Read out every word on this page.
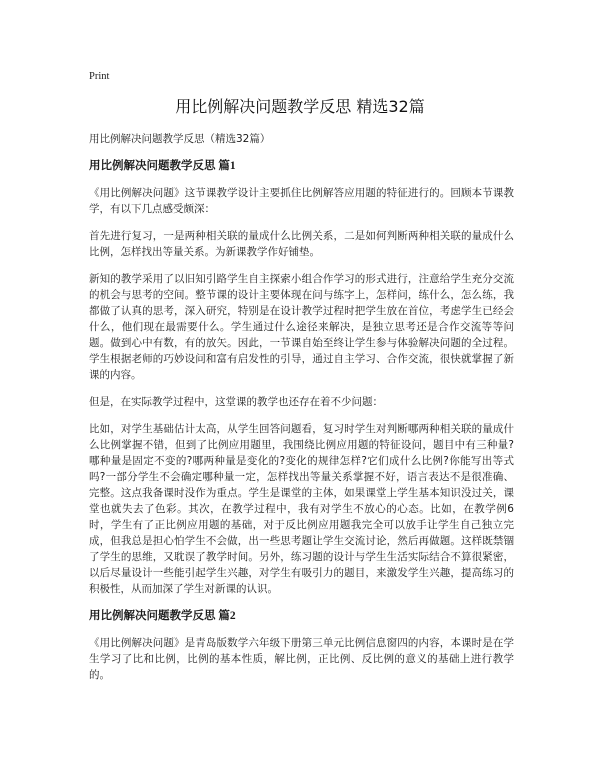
Print
用比例解决问题教学反思 精选32篇

用比例解决问题教学反思（精选32篇）

用比例解决问题教学反思 篇1

《用比例解决问题》这节课教学设计主要抓住比例解答应用题的特征进行的。回顾本节课教学，有以下几点感受颇深：

首先进行复习，一是两种相关联的量成什么比例关系，二是如何判断两种相关联的量成什么比例，怎样找出等量关系。为新课教学作好铺垫。

新知的教学采用了以旧知引路学生自主探索小组合作学习的形式进行，注意给学生充分交流的机会与思考的空间。整节课的设计主要体现在问与练字上，怎样问，练什么，怎么练，我都做了认真的思考，深入研究，特别是在设计教学过程时把学生放在首位，考虑学生已经会什么，他们现在最需要什么。学生通过什么途径来解决，是独立思考还是合作交流等等问题。做到心中有数，有的放矢。因此，一节课自始至终让学生参与体验解决问题的全过程。学生根据老师的巧妙设问和富有启发性的引导，通过自主学习、合作交流，很快就掌握了新课的内容。

但是，在实际教学过程中，这堂课的教学也还存在着不少问题：

比如，对学生基础估计太高，从学生回答问题看，复习时学生对判断哪两种相关联的量成什么比例掌握不错，但到了比例应用题里，我围绕比例应用题的特征设问，题目中有三种量?哪种量是固定不变的?哪两种量是变化的?变化的规律怎样?它们成什么比例?你能写出等式吗?一部分学生不会确定哪种量一定，怎样找出等量关系掌握不好，语言表达不是很准确、完整。这点我备课时没作为重点。学生是课堂的主体，如果课堂上学生基本知识没过关，课堂也就失去了色彩。其次，在教学过程中，我有对学生不放心的心态。比如，在教学例6时，学生有了正比例应用题的基础，对于反比例应用题我完全可以放手让学生自己独立完成，但我总是担心怕学生不会做，出一些思考题让学生交流讨论，然后再做题。这样既禁锢了学生的思维，又耽误了教学时间。另外，练习题的设计与学生生活实际结合不算很紧密，以后尽量设计一些能引起学生兴趣，对学生有吸引力的题目，来激发学生兴趣，提高练习的积极性，从而加深了学生对新课的认识。

用比例解决问题教学反思 篇2

《用比例解决问题》是青岛版数学六年级下册第三单元比例信息窗四的内容，本课时是在学生学习了比和比例，比例的基本性质，解比例，正比例、反比例的意义的基础上进行教学的。
